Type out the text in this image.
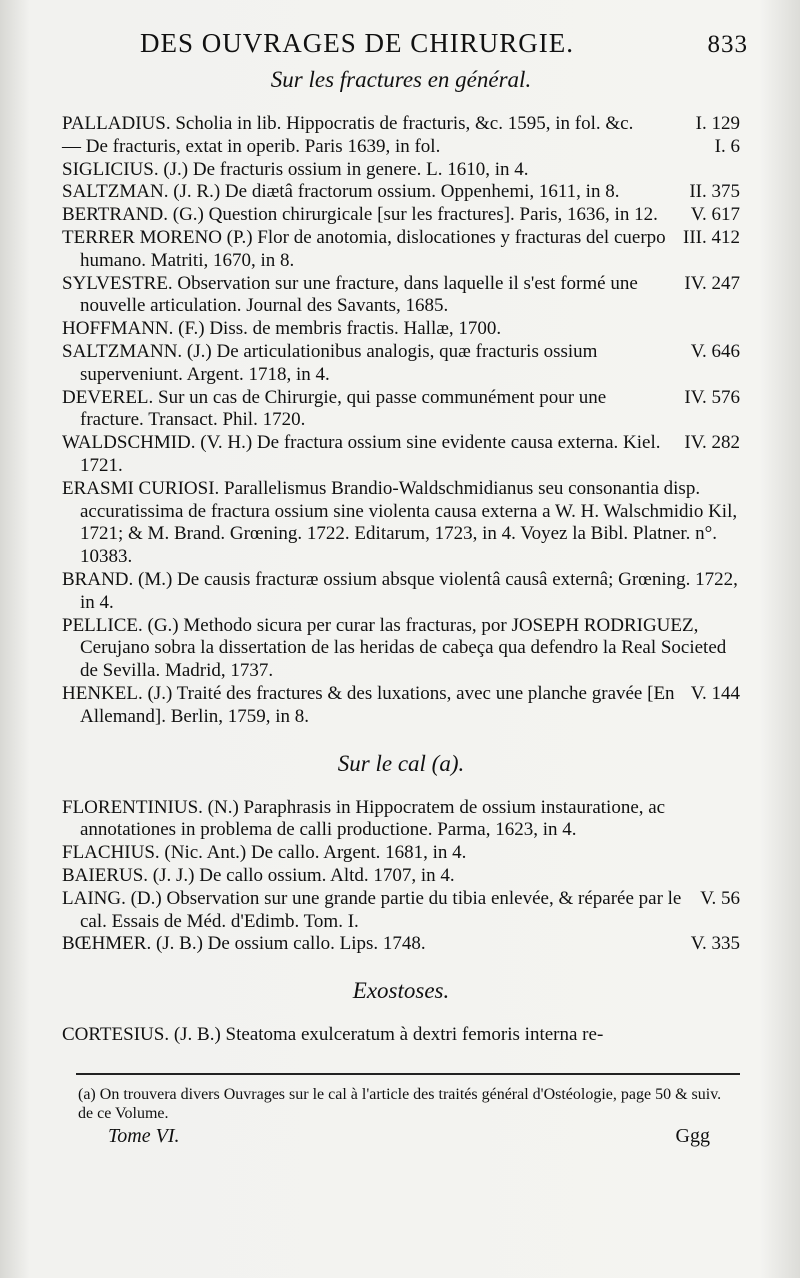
DES OUVRAGES DE CHIRURGIE.	833
Sur les fractures en général.

I. 129
PALLADIUS. Scholia in lib. Hippocratis de fracturis, &c. 1595, in fol. &c.

I. 6
— De fracturis, extat in operib. Paris 1639, in fol.

SIGLICIUS. (J.) De fracturis ossium in genere. L. 1610, in 4.

II. 375
SALTZMAN. (J. R.) De diætâ fractorum ossium. Oppenhemi, 1611, in 8.

V. 617
BERTRAND. (G.) Question chirurgicale [sur les fractures]. Paris, 1636, in 12.

III. 412
TERRER MORENO (P.) Flor de anotomia, dislocationes y fracturas del cuerpo humano. Matriti, 1670, in 8.

IV. 247
SYLVESTRE. Observation sur une fracture, dans laquelle il s'est formé une nouvelle articulation. Journal des Savants, 1685.

HOFFMANN. (F.) Diss. de membris fractis. Hallæ, 1700.

V. 646
SALTZMANN. (J.) De articulationibus analogis, quæ fracturis ossium superveniunt. Argent. 1718, in 4.

IV. 576
DEVEREL. Sur un cas de Chirurgie, qui passe communément pour une fracture. Transact. Phil. 1720.

IV. 282
WALDSCHMID. (V. H.) De fractura ossium sine evidente causa externa. Kiel. 1721.

ERASMI CURIOSI. Parallelismus Brandio-Waldschmidianus seu consonantia disp. accuratissima de fractura ossium sine violenta causa externa a W. H. Walschmidio Kil, 1721; & M. Brand. Grœning. 1722. Editarum, 1723, in 4. Voyez la Bibl. Platner. n°. 10383.

BRAND. (M.) De causis fracturæ ossium absque violentâ causâ externâ; Grœning. 1722, in 4.

PELLICE. (G.) Methodo sicura per curar las fracturas, por JOSEPH RODRIGUEZ, Cerujano sobra la dissertation de las heridas de cabeça qua defendro la Real Societed de Sevilla. Madrid, 1737.

V. 144
HENKEL. (J.) Traité des fractures & des luxations, avec une planche gravée [En Allemand]. Berlin, 1759, in 8.

Sur le cal (a).

FLORENTINIUS. (N.) Paraphrasis in Hippocratem de ossium instaurationе, ac annotationes in problema de calli productione. Parma, 1623, in 4.

FLACHIUS. (Nic. Ant.) De callo. Argent. 1681, in 4.

BAIERUS. (J. J.) De callo ossium. Altd. 1707, in 4.

V. 56
LAING. (D.) Observation sur une grande partie du tibia enlevée, & réparée par le cal. Essais de Méd. d'Edimb. Tom. I.

V. 335
BŒHMER. (J. B.) De ossium callo. Lips. 1748.

Exostoses.

CORTESIUS. (J. B.) Steatoma exulceratum à dextri femoris interna re-

(a) On trouvera divers Ouvrages sur le cal à l'article des traités général d'Ostéologie, page 50 & suiv. de ce Volume.
Tome VI.	Ggg
